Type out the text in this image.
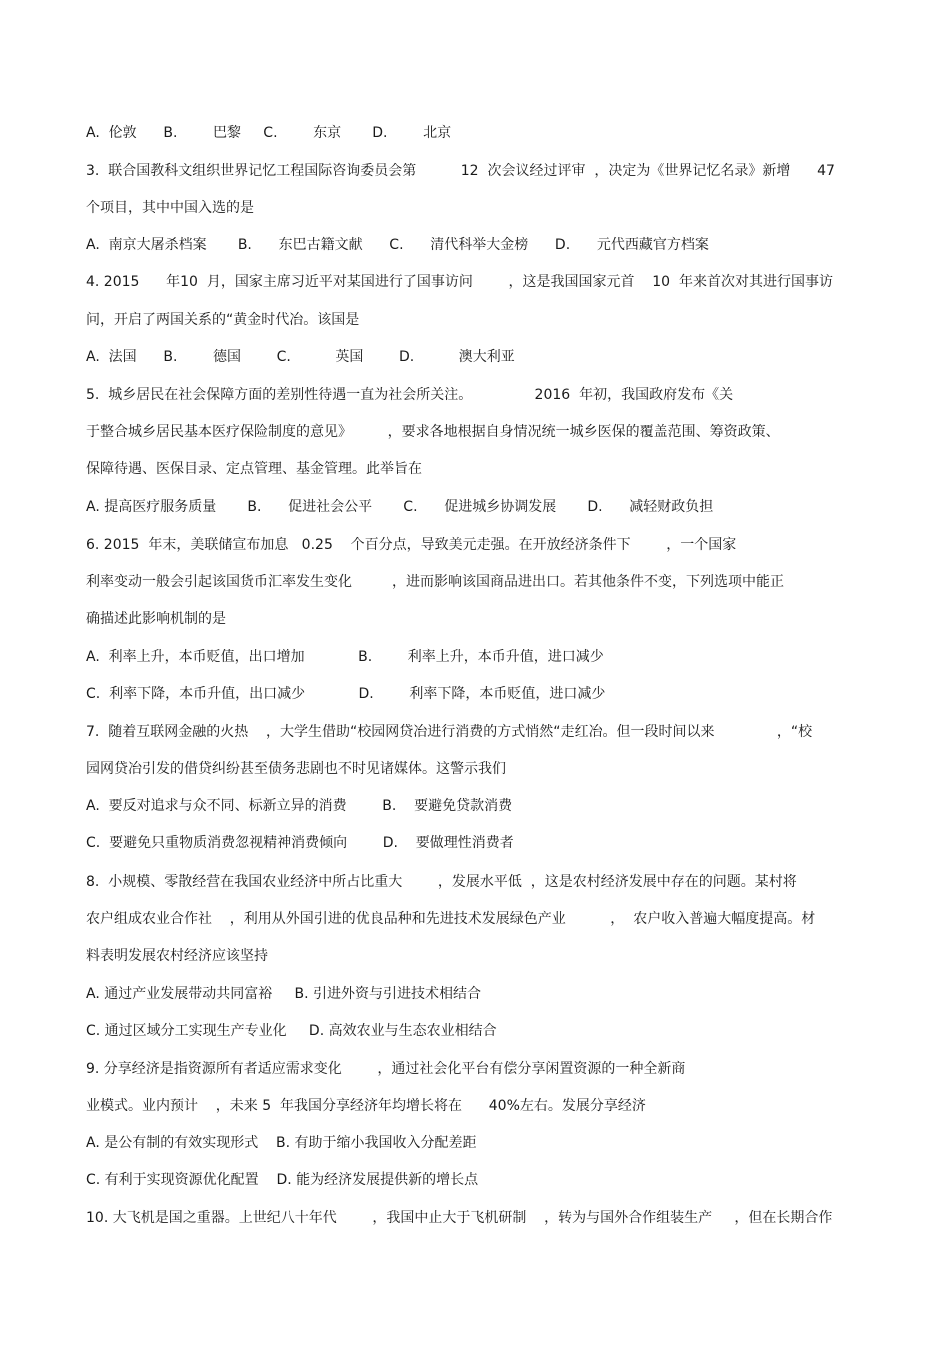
A.  伦敦      B.        巴黎     C.        东京       D.        北京
3.  联合国教科文组织世界记忆工程国际咨询委员会第          12  次会议经过评审  ，决定为《世界记忆名录》新增      47
个项目，其中中国入选的是
A.  南京大屠杀档案       B.      东巴古籍文献      C.      清代科举大金榜      D.      元代西藏官方档案
4. 2015      年10  月，国家主席习近平对某国进行了国事访问        ，这是我国国家元首    10  年来首次对其进行国事访
问，开启了两国关系的“黄金时代冶。该国是
A.  法国      B.        德国        C.          英国        D.          澳大利亚
5.  城乡居民在社会保障方面的差别性待遇一直为社会所关注。              2016  年初，我国政府发布《关
于整合城乡居民基本医疗保险制度的意见》        ，要求各地根据自身情况统一城乡医保的覆盖范围、筹资政策、
保障待遇、医保目录、定点管理、基金管理。此举旨在
A. 提高医疗服务质量       B.      促进社会公平       C.      促进城乡协调发展       D.      减轻财政负担
6. 2015  年末，美联储宣布加息   0.25    个百分点，导致美元走强。在开放经济条件下        ，一个国家
利率变动一般会引起该国货币汇率发生变化         ，进而影响该国商品进出口。若其他条件不变，下列选项中能正
确描述此影响机制的是
A.  利率上升，本币贬值，出口增加            B.        利率上升，本币升值，进口减少
C.  利率下降，本币升值，出口减少            D.        利率下降，本币贬值，进口减少
7.  随着互联网金融的火热    ，大学生借助“校园网贷冶进行消费的方式悄然“走红冶。但一段时间以来              ，“校
园网贷冶引发的借贷纠纷甚至债务悲剧也不时见诸媒体。这警示我们
A.  要反对追求与众不同、标新立异的消费        B.    要避免贷款消费
C.  要避免只重物质消费忽视精神消费倾向        D.    要做理性消费者
8.  小规模、零散经营在我国农业经济中所占比重大        ，发展水平低  ，这是农村经济发展中存在的问题。某村将
农户组成农业合作社    ，利用从外国引进的优良品种和先进技术发展绿色产业          ，  农户收入普遍大幅度提高。材
料表明发展农村经济应该坚持
A. 通过产业发展带动共同富裕     B. 引进外资与引进技术相结合
C. 通过区域分工实现生产专业化     D. 高效农业与生态农业相结合
9. 分享经济是指资源所有者适应需求变化        ，通过社会化平台有偿分享闲置资源的一种全新商
业模式。业内预计    ，未来 5  年我国分享经济年均增长将在      40%左右。发展分享经济
A. 是公有制的有效实现形式    B. 有助于缩小我国收入分配差距
C. 有利于实现资源优化配置    D. 能为经济发展提供新的增长点
10. 大飞机是国之重器。上世纪八十年代        ，我国中止大于飞机研制    ，转为与国外合作组装生产     ，但在长期合作
